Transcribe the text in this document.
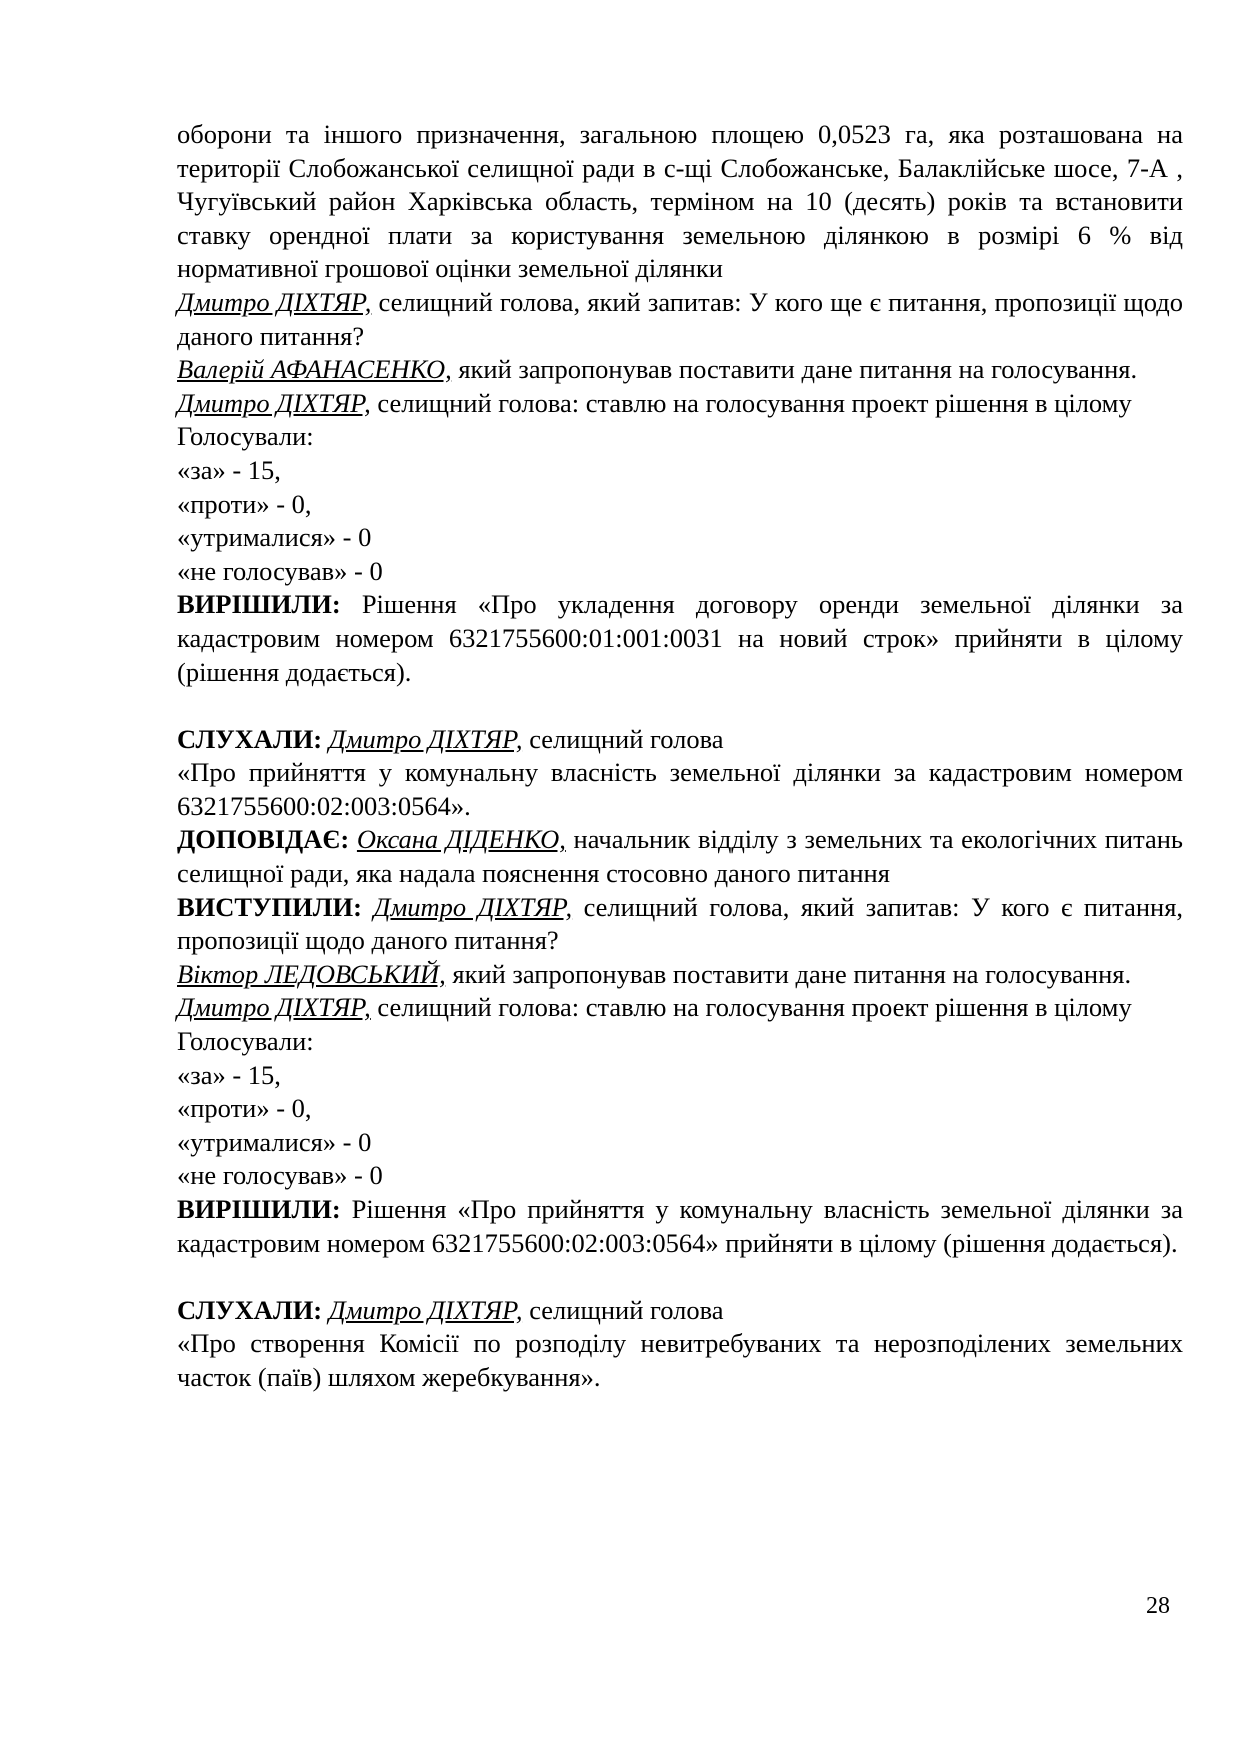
оборони та іншого призначення, загальною площею 0,0523 га, яка розташована на території Слобожанської селищної ради в с-щі Слобожанське, Балаклійське шосе, 7-А , Чугуївський район Харківська область, терміном на 10 (десять) років та встановити ставку орендної плати за користування земельною ділянкою в розмірі 6 % від нормативної грошової оцінки земельної ділянки

Дмитро ДІХТЯР, селищний голова, який запитав: У кого ще є питання, пропозиції щодо даного питання?

Валерій АФАНАСЕНКО, який запропонував поставити дане питання на голосування.

Дмитро ДІХТЯР, селищний голова: ставлю на голосування проект рішення в цілому

Голосували:

«за» - 15,

«проти» - 0,

«утрималися» - 0

«не голосував» - 0

ВИРІШИЛИ: Рішення «Про укладення договору оренди земельної ділянки за кадастровим номером 6321755600:01:001:0031 на новий строк» прийняти в цілому (рішення додається).

СЛУХАЛИ: Дмитро ДІХТЯР, селищний голова

«Про прийняття у комунальну власність земельної ділянки за кадастровим номером 6321755600:02:003:0564».

ДОПОВІДАЄ: Оксана ДІДЕНКО, начальник відділу з земельних та екологічних питань селищної ради, яка надала пояснення стосовно даного питання

ВИСТУПИЛИ: Дмитро ДІХТЯР, селищний голова, який запитав: У кого є питання, пропозиції щодо даного питання?

Віктор ЛЕДОВСЬКИЙ, який запропонував поставити дане питання на голосування.

Дмитро ДІХТЯР, селищний голова: ставлю на голосування проект рішення в цілому

Голосували:

«за» - 15,

«проти» - 0,

«утрималися» - 0

«не голосував» - 0

ВИРІШИЛИ: Рішення «Про прийняття у комунальну власність земельної ділянки за кадастровим номером 6321755600:02:003:0564» прийняти в цілому (рішення додається).

СЛУХАЛИ: Дмитро ДІХТЯР, селищний голова

«Про створення Комісії по розподілу невитребуваних та нерозподілених земельних часток (паїв) шляхом жеребкування».

28
